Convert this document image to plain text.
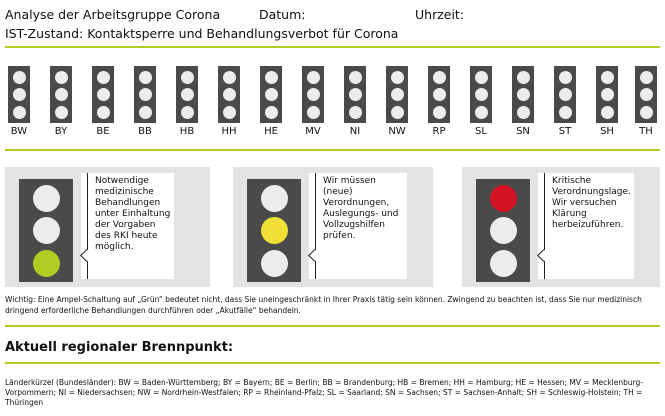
Analyse der Arbeitsgruppe Corona	Datum:	Uhrzeit:
IST-Zustand: Kontaktsperre und Behandlungsverbot für Corona
BW	BY	BE	BB	HB	HH	HE	MV	NI	NW	RP	SL	SN	ST	SH	TH
Notwendige medizinische Behandlungen unter Einhaltung der Vorgaben des RKI heute möglich.
Wir müssen (neue) Verordnungen, Auslegungs- und Vollzugshilfen prüfen.
Kritische Verordnungslage. Wir versuchen Klärung herbeizuführen.
Wichtig: Eine Ampel-Schaltung auf „Grün“ bedeutet nicht, dass Sie uneingeschränkt in Ihrer Praxis tätig sein können. Zwingend zu beachten ist, dass Sie nur medizinisch dringend erforderliche Behandlungen durchführen oder „Akutfälle“ behandeln.
Aktuell regionaler Brennpunkt:
Länderkürzel (Bundesländer): BW = Baden-Württemberg; BY = Bayern; BE = Berlin; BB = Brandenburg; HB = Bremen; HH = Hamburg; HE = Hessen; MV = Mecklenburg-Vorpommern; NI = Niedersachsen; NW = Nordrhein-Westfalen; RP = Rheinland-Pfalz; SL = Saarland; SN = Sachsen; ST = Sachsen-Anhalt; SH = Schleswig-Holstein; TH = Thüringen
